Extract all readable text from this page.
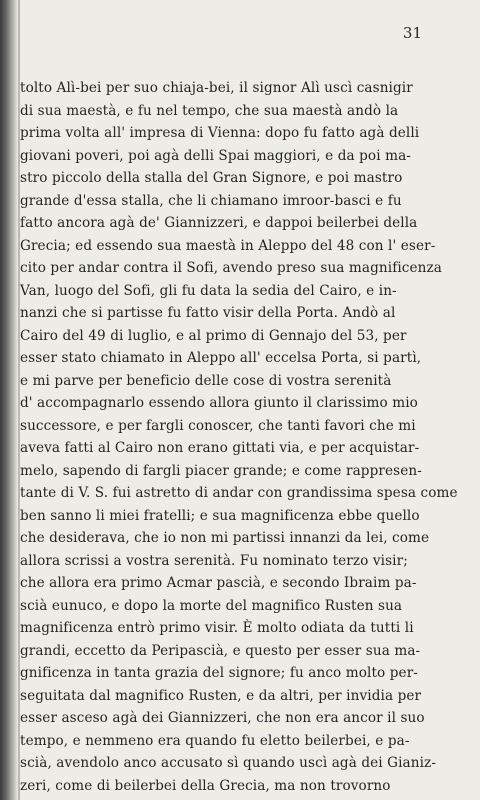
31
tolto Alì-bei per suo chiaja-bei, il signor Alì uscì casnigir
di sua maestà, e fu nel tempo, che sua maestà andò la
prima volta all' impresa di Vienna: dopo fu fatto agà delli
giovani poveri, poi agà delli Spai maggiori, e da poi ma-
stro piccolo della stalla del Gran Signore, e poi mastro
grande d'essa stalla, che li chiamano imroor-basci e fu
fatto ancora agà de' Giannizzeri, e dappoi beilerbei della
Grecia; ed essendo sua maestà in Aleppo del 48 con l' eser-
cito per andar contra il Sofi, avendo preso sua magnificenza
Van, luogo del Sofi, gli fu data la sedia del Cairo, e in-
nanzi che si partisse fu fatto visir della Porta. Andò al
Cairo del 49 di luglio, e al primo di Gennajo del 53, per
esser stato chiamato in Aleppo all' eccelsa Porta, si partì,
e mi parve per beneficio delle cose di vostra serenità
d' accompagnarlo essendo allora giunto il clarissimo mio
successore, e per fargli conoscer, che tanti favori che mi
aveva fatti al Cairo non erano gittati via, e per acquistar-
melo, sapendo di fargli piacer grande; e come rappresen-
tante di V. S. fui astretto di andar con grandissima spesa come
ben sanno li miei fratelli; e sua magnificenza ebbe quello
che desiderava, che io non mi partissi innanzi da lei, come
allora scrissi a vostra serenità. Fu nominato terzo visir;
che allora era primo Acmar pascià, e secondo Ibraim pa-
scià eunuco, e dopo la morte del magnifico Rusten sua
magnificenza entrò primo visir. È molto odiata da tutti li
grandi, eccetto da Peripascià, e questo per esser sua ma-
gnificenza in tanta grazia del signore; fu anco molto per-
seguitata dal magnifico Rusten, e da altri, per invidia per
esser asceso agà dei Giannizzeri, che non era ancor il suo
tempo, e nemmeno era quando fu eletto beilerbei, e pa-
scià, avendolo anco accusato sì quando uscì agà dei Gianiz-
zeri, come di beilerbei della Grecia, ma non trovorno
